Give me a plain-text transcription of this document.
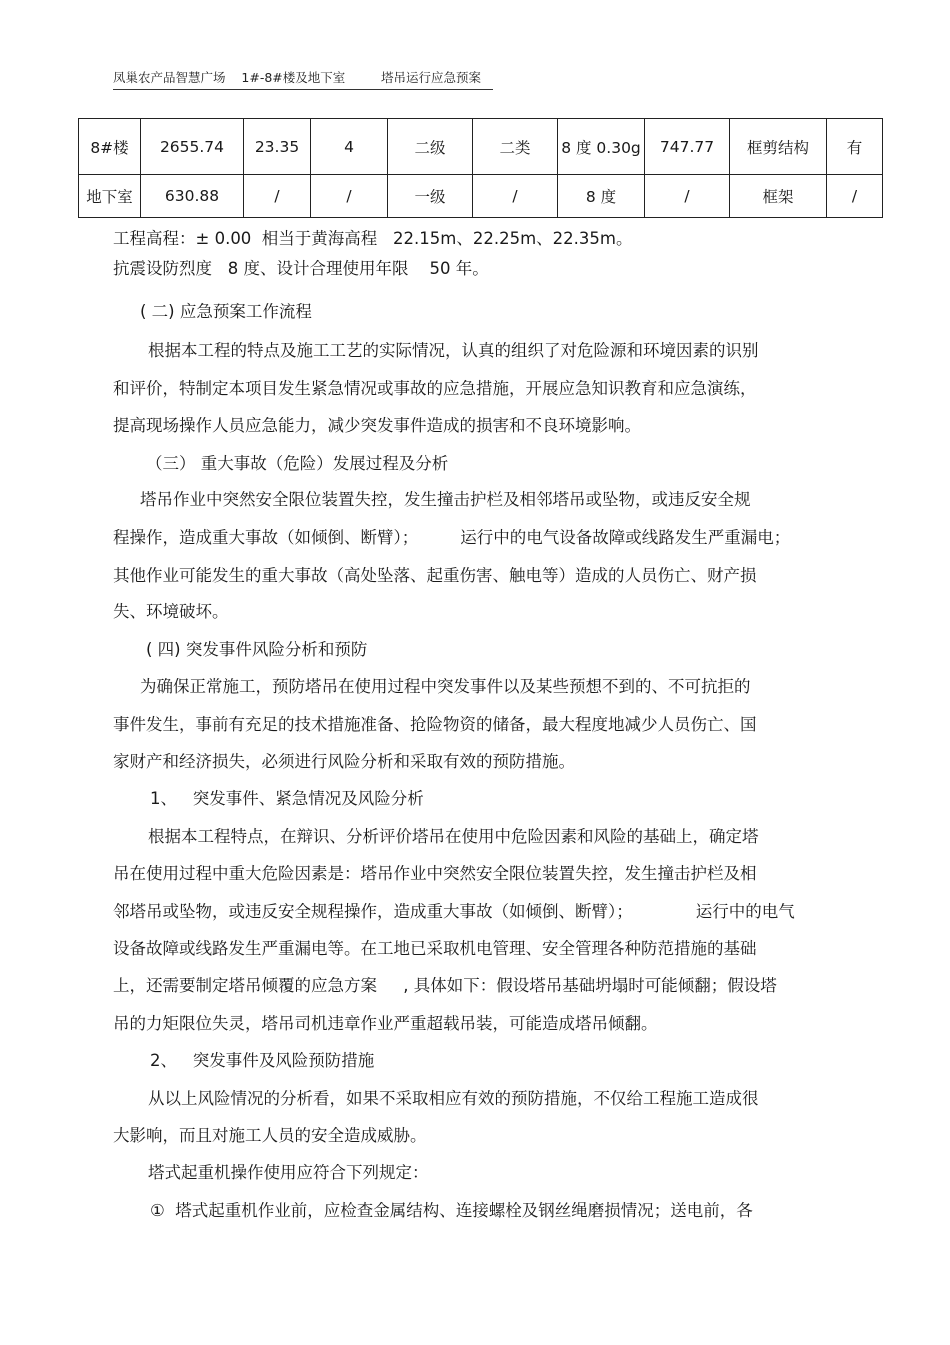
凤巢农产品智慧广场    1#-8#楼及地下室         塔吊运行应急预案
8#楼	2655.74	23.35	4	二级	二类	8 度 0.30g	747.77	框剪结构	有
地下室	630.88	/	/	一级	/	8 度	/	框架	/
工程高程：± 0.00  相当于黄海高程   22.15m、22.25m、22.35m。
抗震设防烈度   8 度、设计合理使用年限    50 年。
( 二) 应急预案工作流程
根据本工程的特点及施工工艺的实际情况，认真的组织了对危险源和环境因素的识别
和评价，特制定本项目发生紧急情况或事故的应急措施，开展应急知识教育和应急演练，
提高现场操作人员应急能力，减少突发事件造成的损害和不良环境影响。
（三） 重大事故（危险）发展过程及分析
塔吊作业中突然安全限位装置失控，发生撞击护栏及相邻塔吊或坠物，或违反安全规
程操作，造成重大事故（如倾倒、断臂）；        运行中的电气设备故障或线路发生严重漏电；
其他作业可能发生的重大事故（高处坠落、起重伤害、触电等）造成的人员伤亡、财产损
失、环境破坏。
( 四) 突发事件风险分析和预防
为确保正常施工，预防塔吊在使用过程中突发事件以及某些预想不到的、不可抗拒的
事件发生，事前有充足的技术措施准备、抢险物资的储备，最大程度地减少人员伤亡、国
家财产和经济损失，必须进行风险分析和采取有效的预防措施。
1、   突发事件、紧急情况及风险分析
根据本工程特点，在辩识、分析评价塔吊在使用中危险因素和风险的基础上，确定塔
吊在使用过程中重大危险因素是：塔吊作业中突然安全限位装置失控，发生撞击护栏及相
邻塔吊或坠物，或违反安全规程操作，造成重大事故（如倾倒、断臂）；            运行中的电气
设备故障或线路发生严重漏电等。在工地已采取机电管理、安全管理各种防范措施的基础
上，还需要制定塔吊倾覆的应急方案     , 具体如下：假设塔吊基础坍塌时可能倾翻；假设塔
吊的力矩限位失灵，塔吊司机违章作业严重超载吊装，可能造成塔吊倾翻。
2、   突发事件及风险预防措施
从以上风险情况的分析看，如果不采取相应有效的预防措施，不仅给工程施工造成很
大影响，而且对施工人员的安全造成威胁。
塔式起重机操作使用应符合下列规定：
①  塔式起重机作业前，应检查金属结构、连接螺栓及钢丝绳磨损情况；送电前，各
